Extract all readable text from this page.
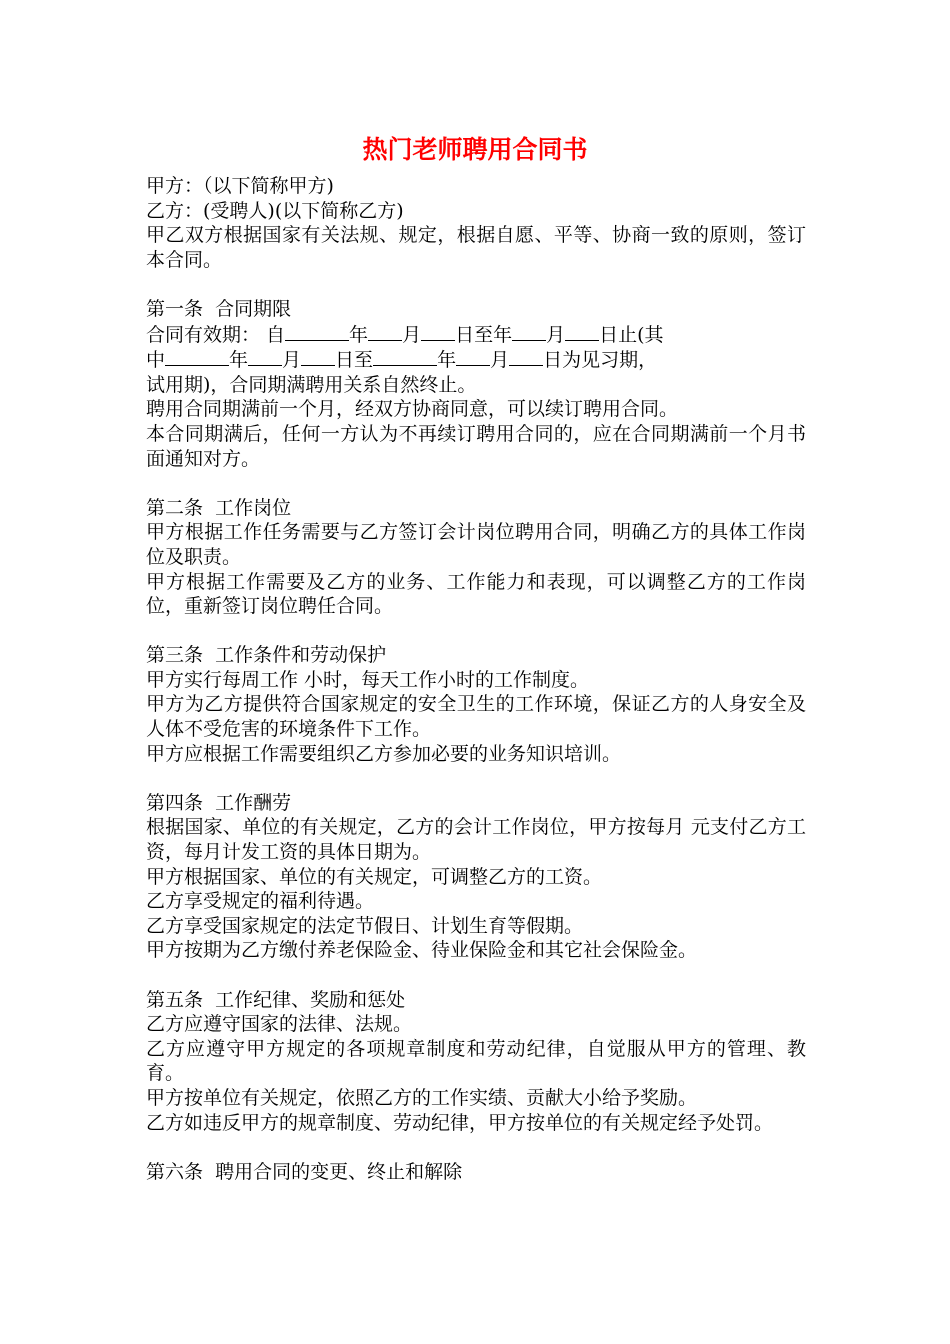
热门老师聘用合同书

甲方：（以下简称甲方)

乙方：(受聘人)(以下简称乙方)

甲乙双方根据国家有关法规、规定，根据自愿、平等、协商一致的原则，签订本合同。

第一条  合同期限

合同有效期： 自	年 月 日至年 月 日止(其
中	年 月 日至	年 月 日为见习期，
试用期)，合同期满聘用关系自然终止。

聘用合同期满前一个月，经双方协商同意，可以续订聘用合同。

本合同期满后，任何一方认为不再续订聘用合同的，应在合同期满前一个月书面通知对方。

第二条  工作岗位

甲方根据工作任务需要与乙方签订会计岗位聘用合同，明确乙方的具体工作岗位及职责。

甲方根据工作需要及乙方的业务、工作能力和表现，可以调整乙方的工作岗位，重新签订岗位聘任合同。

第三条  工作条件和劳动保护

甲方实行每周工作 小时，每天工作小时的工作制度。

甲方为乙方提供符合国家规定的安全卫生的工作环境，保证乙方的人身安全及人体不受危害的环境条件下工作。

甲方应根据工作需要组织乙方参加必要的业务知识培训。

第四条  工作酬劳

根据国家、单位的有关规定，乙方的会计工作岗位，甲方按每月 元支付乙方工资，每月计发工资的具体日期为。

甲方根据国家、单位的有关规定，可调整乙方的工资。

乙方享受规定的福利待遇。

乙方享受国家规定的法定节假日、计划生育等假期。

甲方按期为乙方缴付养老保险金、待业保险金和其它社会保险金。

第五条  工作纪律、奖励和惩处

乙方应遵守国家的法律、法规。

乙方应遵守甲方规定的各项规章制度和劳动纪律，自觉服从甲方的管理、教育。

甲方按单位有关规定，依照乙方的工作实绩、贡献大小给予奖励。

乙方如违反甲方的规章制度、劳动纪律，甲方按单位的有关规定经予处罚。

第六条  聘用合同的变更、终止和解除
